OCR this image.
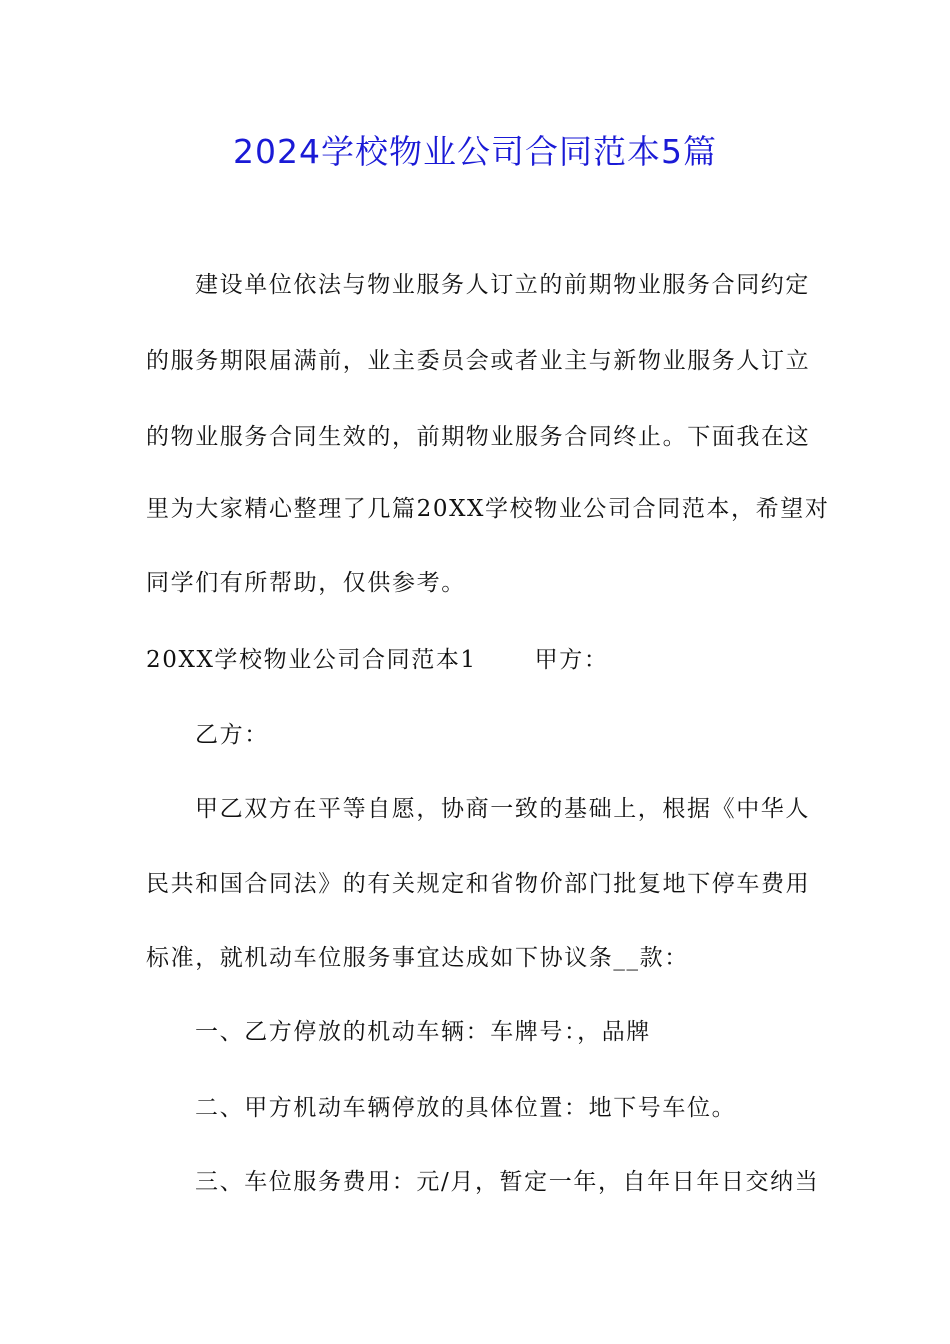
2024学校物业公司合同范本5篇
建设单位依法与物业服务人订立的前期物业服务合同约定
的服务期限届满前，业主委员会或者业主与新物业服务人订立
的物业服务合同生效的，前期物业服务合同终止。下面我在这
里为大家精心整理了几篇20XX学校物业公司合同范本，希望对
同学们有所帮助，仅供参考。
20XX学校物业公司合同范本1	甲方：
乙方：
甲乙双方在平等自愿，协商一致的基础上，根据《中华人
民共和国合同法》的有关规定和省物价部门批复地下停车费用
标准，就机动车位服务事宜达成如下协议条__款：
一、乙方停放的机动车辆：车牌号：，品牌
二、甲方机动车辆停放的具体位置：地下号车位。
三、车位服务费用：元/月，暂定一年，自年日年日交纳当
